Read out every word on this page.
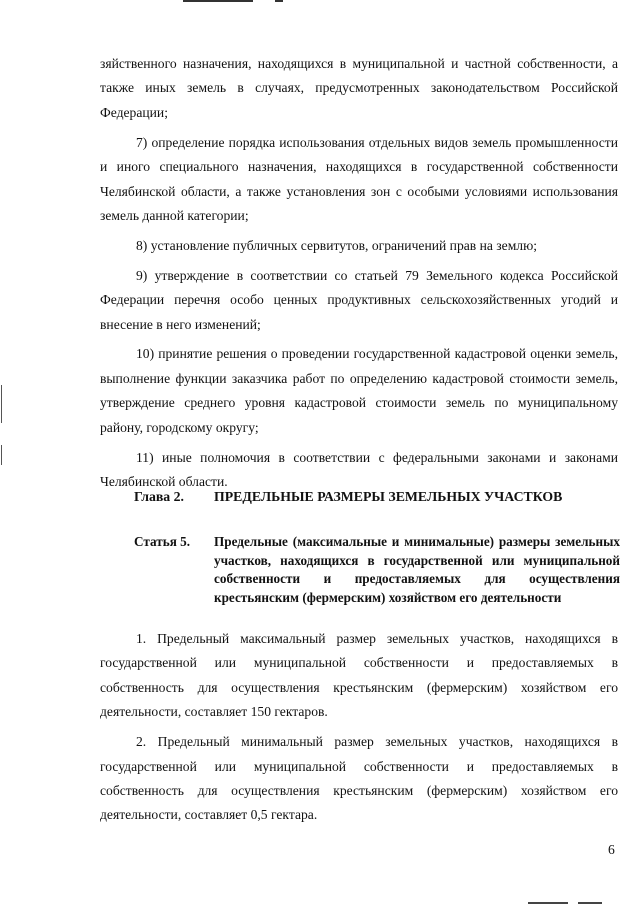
зяйственного назначения, находящихся в муниципальной и частной собственности, а также иных земель в случаях, предусмотренных законодательством Российской Федерации;

7) определение порядка использования отдельных видов земель промышленности и иного специального назначения, находящихся в государственной собственности Челябинской области, а также установления зон с особыми условиями использования земель данной категории;

8) установление публичных сервитутов, ограничений прав на землю;

9) утверждение в соответствии со статьей 79 Земельного кодекса Российской Федерации перечня особо ценных продуктивных сельскохозяйственных угодий и внесение в него изменений;

10) принятие решения о проведении государственной кадастровой оценки земель, выполнение функции заказчика работ по определению кадастровой стоимости земель, утверждение среднего уровня кадастровой стоимости земель по муниципальному району, городскому округу;

11) иные полномочия в соответствии с федеральными законами и законами Челябинской области.

Глава 2.	ПРЕДЕЛЬНЫЕ РАЗМЕРЫ ЗЕМЕЛЬНЫХ УЧАСТКОВ
Статья 5.	Предельные (максимальные и минимальные) размеры земельных участков, находящихся в государственной или муниципальной собственности и предоставляемых для осуществления крестьянским (фермерским) хозяйством его деятельности

1. Предельный максимальный размер земельных участков, находящихся в государственной или муниципальной собственности и предоставляемых в собственность для осуществления крестьянским (фермерским) хозяйством его деятельности, составляет 150 гектаров.

2. Предельный минимальный размер земельных участков, находящихся в государственной или муниципальной собственности и предоставляемых в собственность для осуществления крестьянским (фермерским) хозяйством его деятельности, составляет 0,5 гектара.

6
